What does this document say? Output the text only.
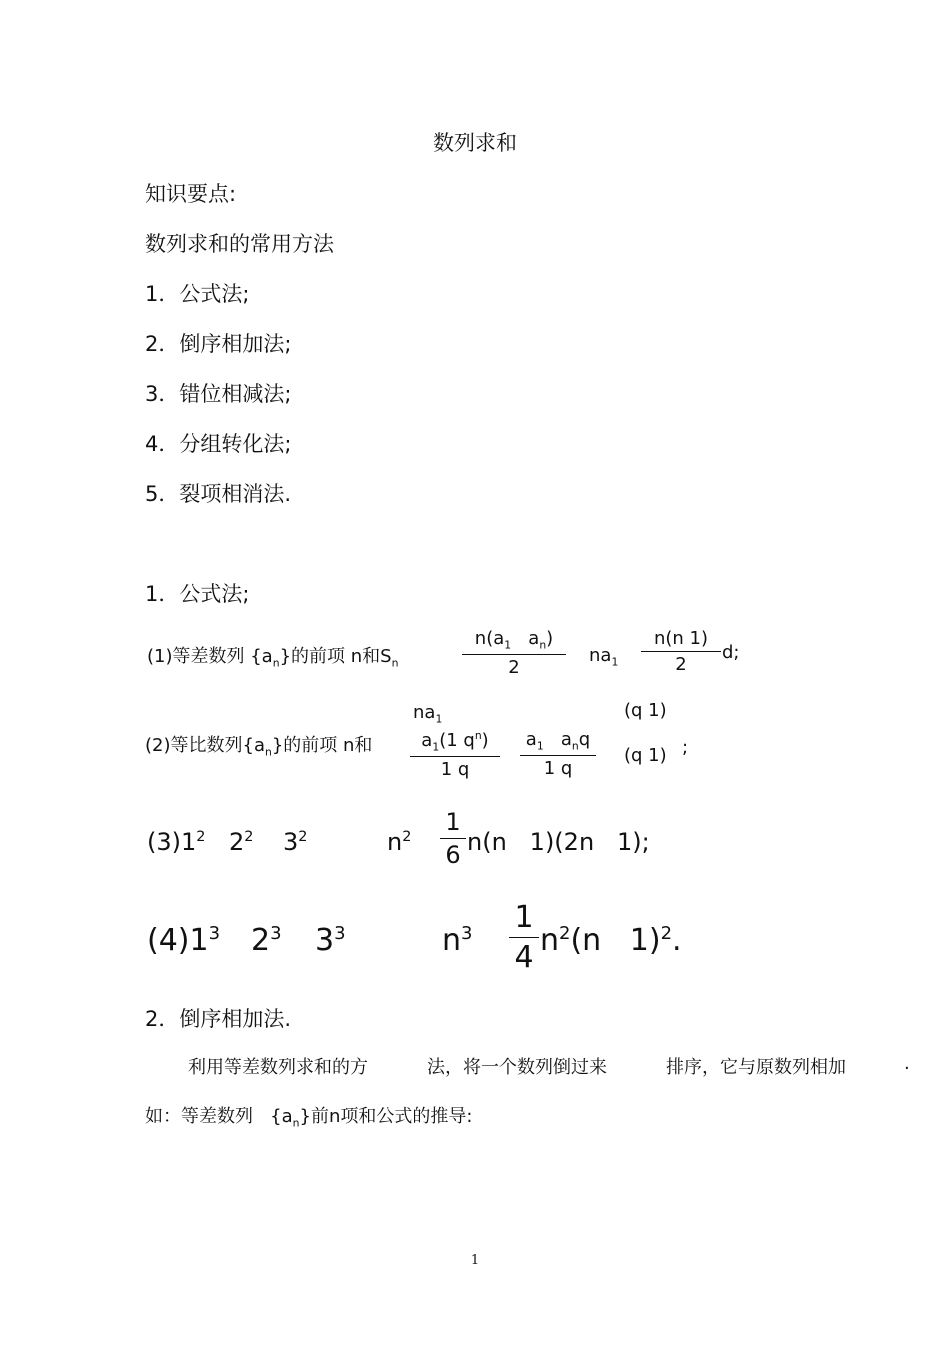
数列求和
知识要点:
数列求和的常用方法
1．公式法;
2．倒序相加法;
3．错位相减法;
4．分组转化法;
5．裂项相消法.
1．公式法;
(1)等差数列 $\{a_n\}$的前项 n和$S_n$
$n(a_1$ $a_n$)
2
$na_1$
n(n 1)
2
d;
(2)等比数列$\{a_n\}$的前项 n和
$na_1$
$a_1(1$ $q^n$)
1 q
$a_1$ $a_nq$
1 q
(q 1)
(q 1) ;
$(3)1^2$ $2^2$ $3^2$	$n^2$
1
6 n(n   1)(2n   1);
$(4)1^3$ $2^3$ $3^3$	$n^3$ 1
4 $n^2(n$   1)$^2$.
2．倒序相加法.
利用等差数列求和的方	法，将一个数列倒过来	排序，它与原数列相加	.
如：等差数列 $\{a_n\}$前n项和公式的推导:
1
